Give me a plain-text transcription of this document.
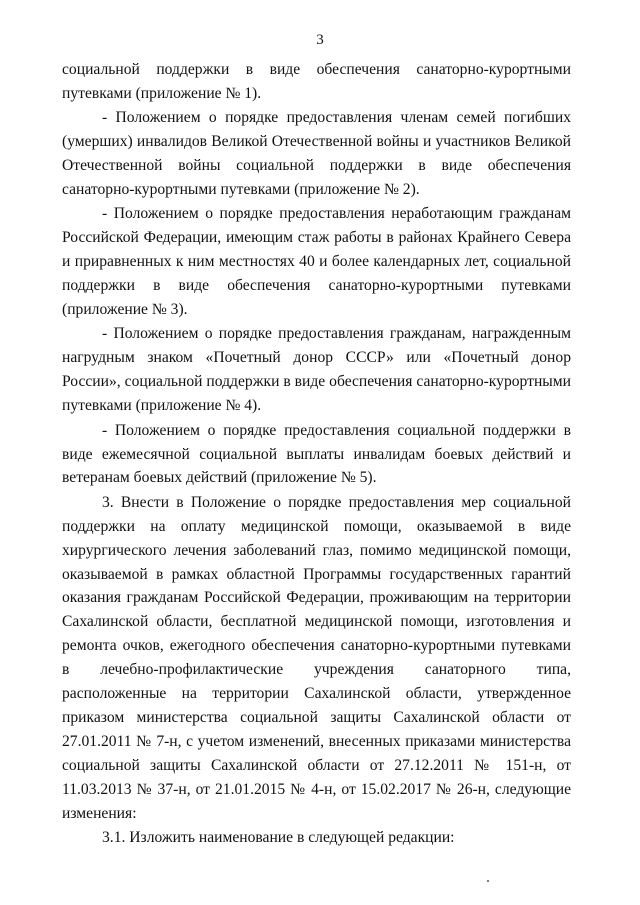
3

социальной поддержки в виде обеспечения санаторно-курортными путевками (приложение № 1).

- Положением о порядке предоставления членам семей погибших (умерших) инвалидов Великой Отечественной войны и участников Великой Отечественной войны социальной поддержки в виде обеспечения санаторно-курортными путевками (приложение № 2).

- Положением о порядке предоставления неработающим гражданам Российской Федерации, имеющим стаж работы в районах Крайнего Севера и приравненных к ним местностях 40 и более календарных лет, социальной поддержки в виде обеспечения санаторно-курортными путевками (приложение № 3).

- Положением о порядке предоставления гражданам, награжденным нагрудным знаком «Почетный донор СССР» или «Почетный донор России», социальной поддержки в виде обеспечения санаторно-курортными путевками (приложение № 4).

- Положением о порядке предоставления социальной поддержки в виде ежемесячной социальной выплаты инвалидам боевых действий и ветеранам боевых действий (приложение № 5).

3. Внести в Положение о порядке предоставления мер социальной поддержки на оплату медицинской помощи, оказываемой в виде хирургического лечения заболеваний глаз, помимо медицинской помощи, оказываемой в рамках областной Программы государственных гарантий оказания гражданам Российской Федерации, проживающим на территории Сахалинской области, бесплатной медицинской помощи, изготовления и ремонта очков, ежегодного обеспечения санаторно-курортными путевками в лечебно-профилактические учреждения санаторного типа, расположенные на территории Сахалинской области, утвержденное приказом министерства социальной защиты Сахалинской области от 27.01.2011 № 7-н, с учетом изменений, внесенных приказами министерства социальной защиты Сахалинской области от 27.12.2011 № 151-н, от 11.03.2013 № 37-н, от 21.01.2015 № 4-н, от 15.02.2017 № 26-н, следующие изменения:

3.1. Изложить наименование в следующей редакции:
